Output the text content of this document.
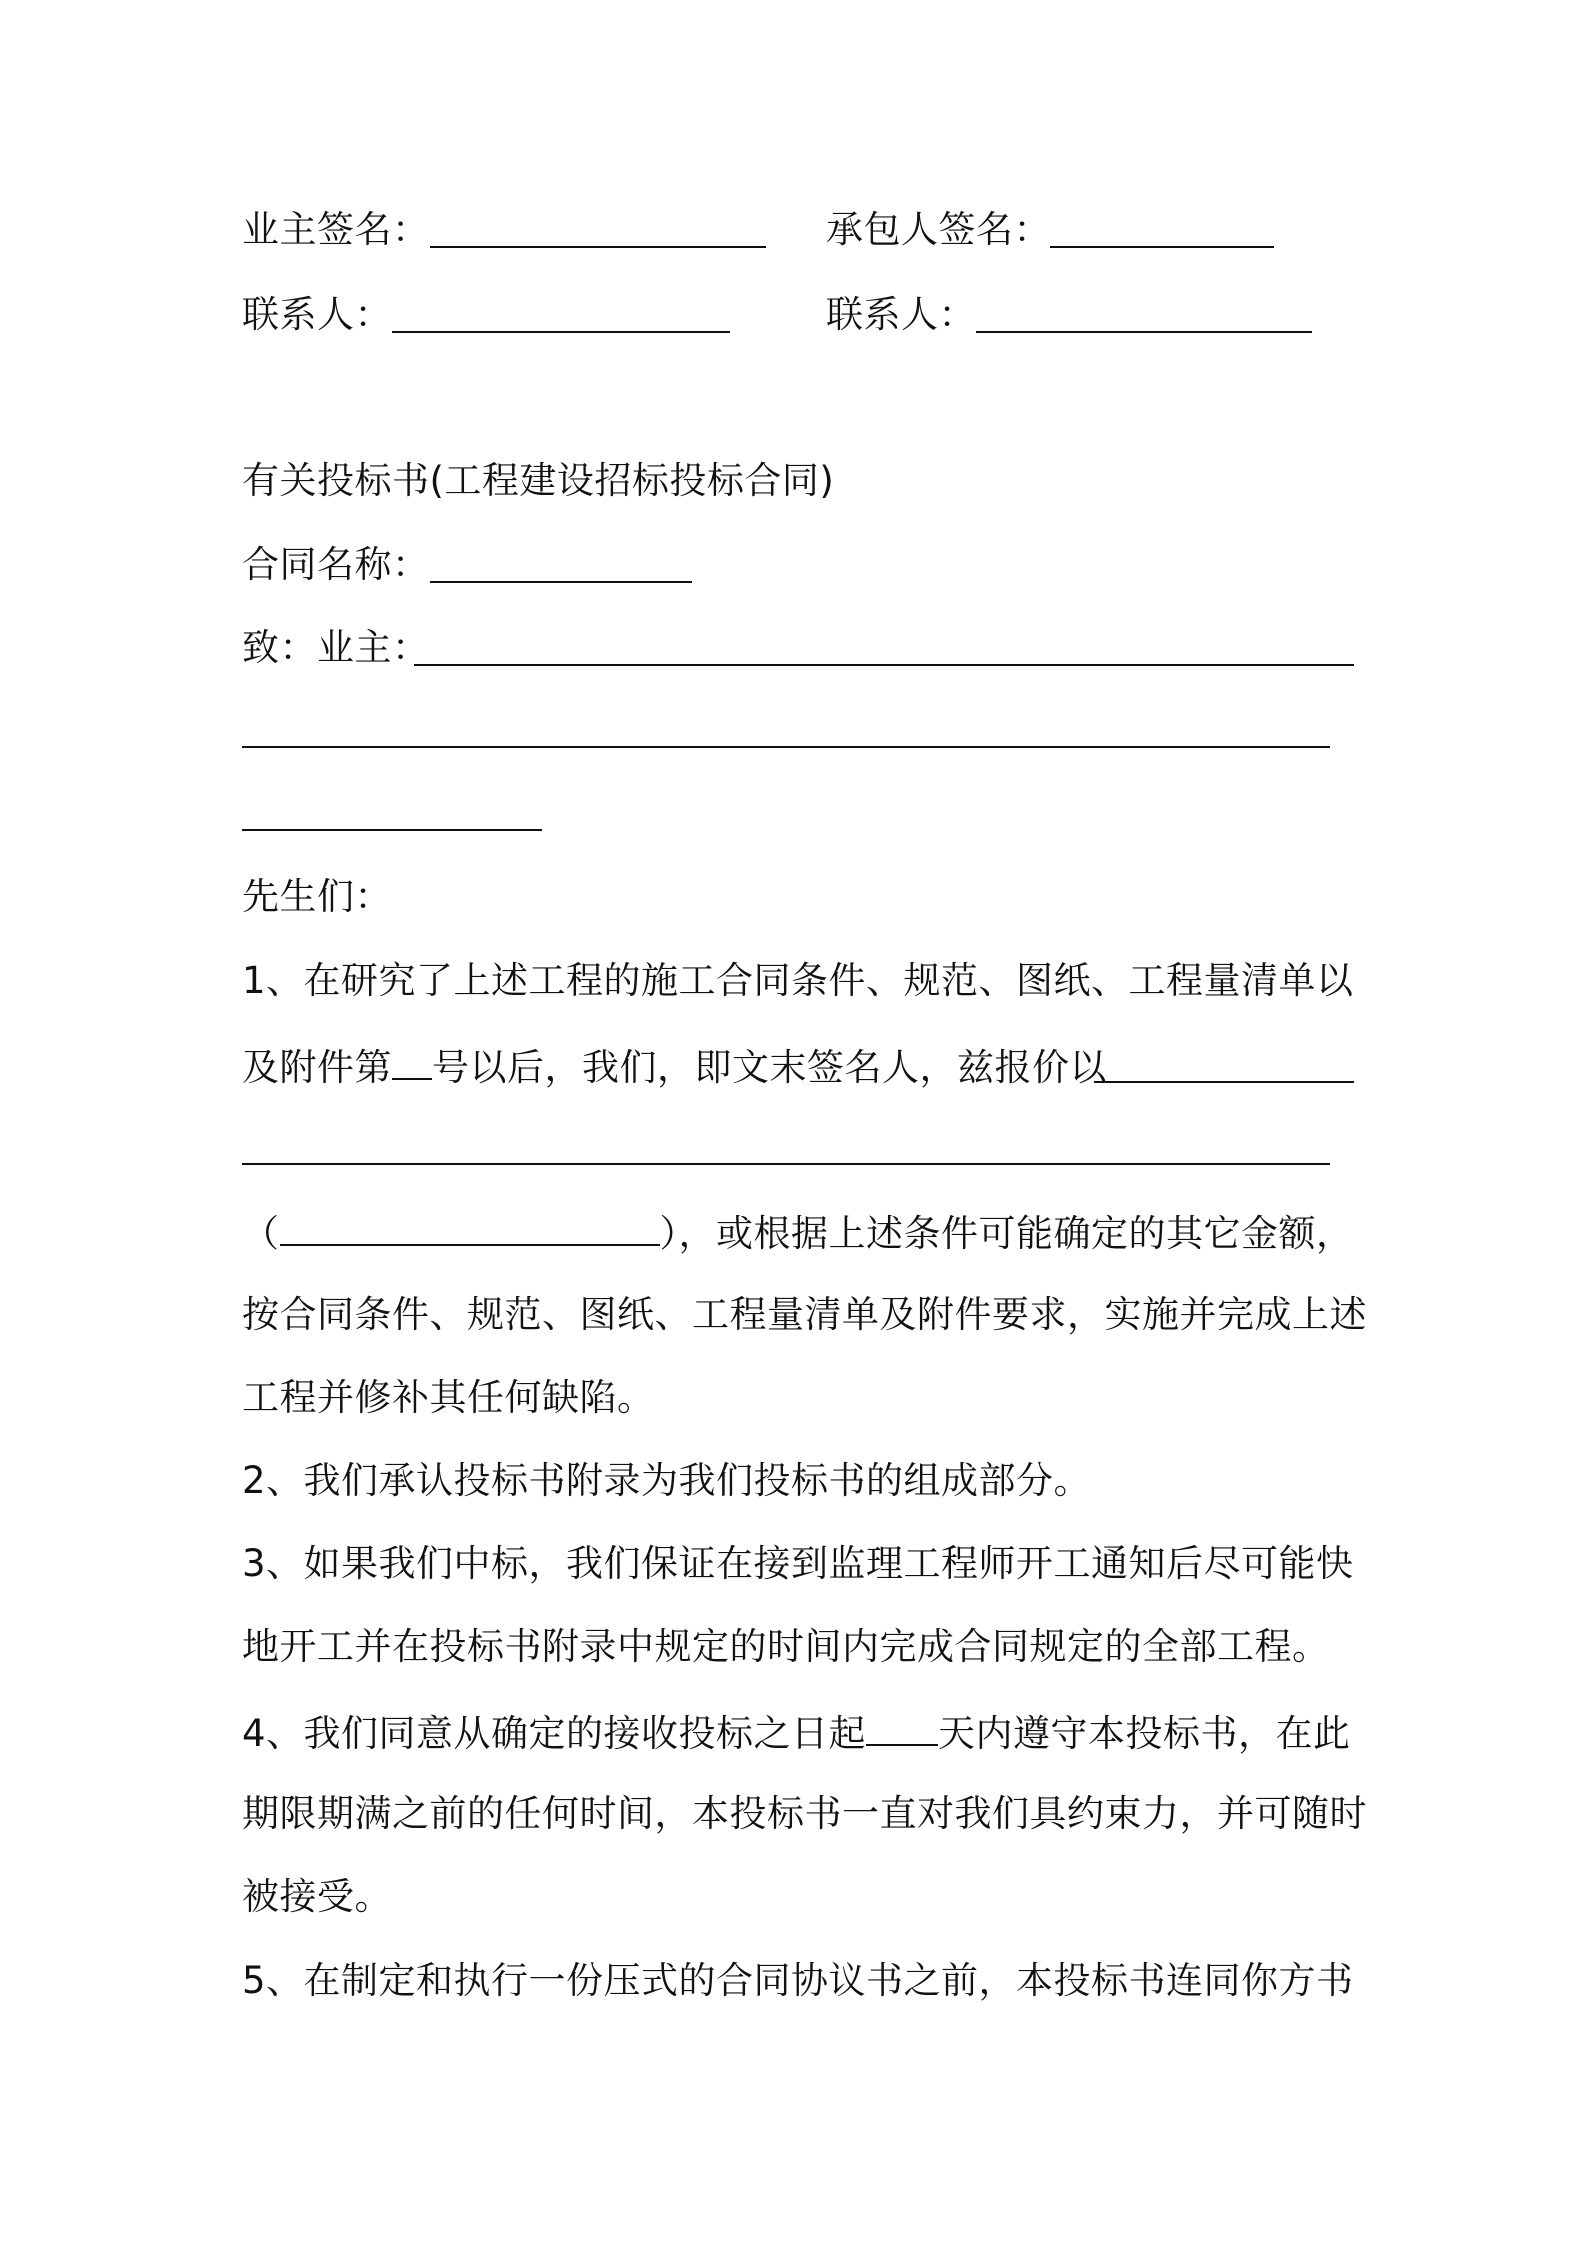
业主签名：	承包人签名：
联系人：	联系人：
有关投标书(工程建设招标投标合同)
合同名称：
致：业主：
先生们：
1、在研究了上述工程的施工合同条件、规范、图纸、工程量清单以
及附件第 号以后，我们，即文末签名人，兹报价以
（	），或根据上述条件可能确定的其它金额，
按合同条件、规范、图纸、工程量清单及附件要求，实施并完成上述
工程并修补其任何缺陷。
2、我们承认投标书附录为我们投标书的组成部分。
3、如果我们中标，我们保证在接到监理工程师开工通知后尽可能快
地开工并在投标书附录中规定的时间内完成合同规定的全部工程。
4、我们同意从确定的接收投标之日起 天内遵守本投标书，在此
期限期满之前的任何时间，本投标书一直对我们具约束力，并可随时
被接受。
5、在制定和执行一份压式的合同协议书之前，本投标书连同你方书
